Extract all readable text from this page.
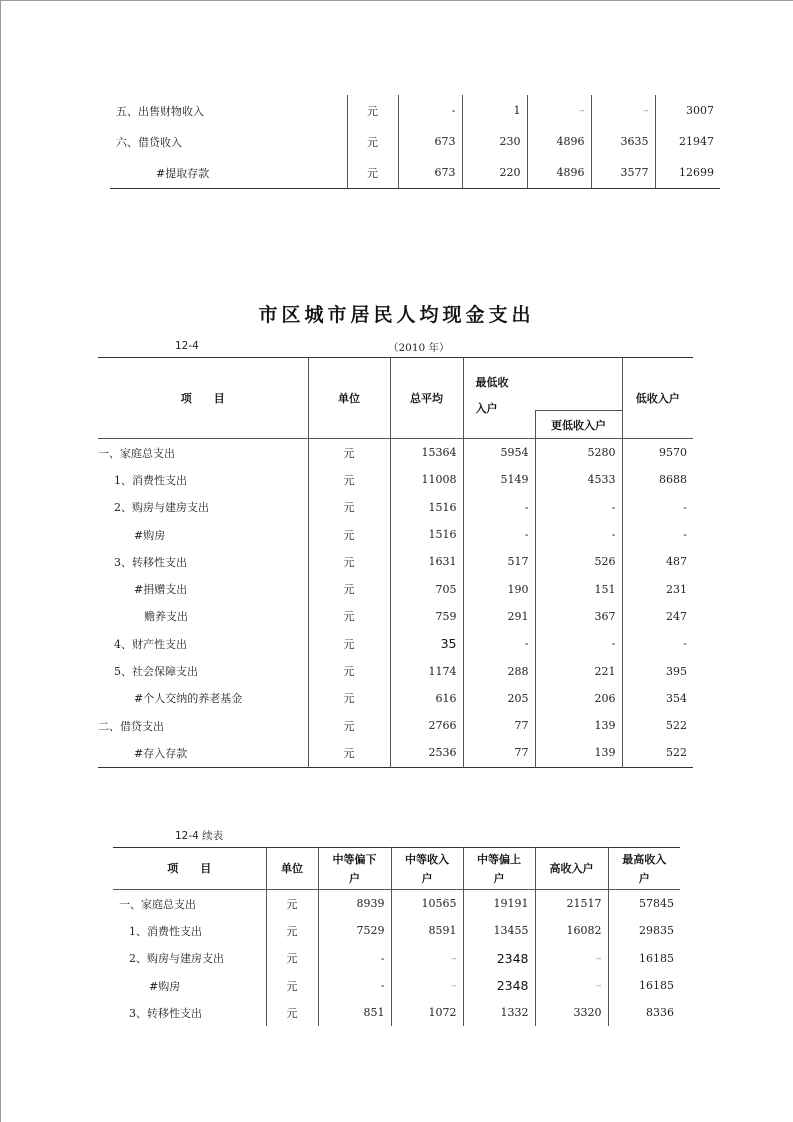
五、出售财物收入	元	-	1	–	–	3007
六、借贷收入	元	673	230	4896	3635	21947
#提取存款	元	673	220	4896	3577	12699
市区城市居民人均现金支出
12-4	（2010 年）
项　　目	单位	总平均	最低收入户		低收入户
				更低收入户	
一、家庭总支出	元	15364	5954	5280	9570
1、消费性支出	元	11008	5149	4533	8688
2、购房与建房支出	元	1516	-	-	-
#购房	元	1516	-	-	-
3、转移性支出	元	1631	517	526	487
#捐赠支出	元	705	190	151	231
赡养支出	元	759	291	367	247
4、财产性支出	元	35	-	-	-
5、社会保障支出	元	1174	288	221	395
#个人交纳的养老基金	元	616	205	206	354
二、借贷支出	元	2766	77	139	522
#存入存款	元	2536	77	139	522
12-4 续表
项　　目	单位	中等偏下户	中等收入户	中等偏上户	高收入户	最高收入户
一、家庭总支出	元	8939	10565	19191	21517	57845
1、消费性支出	元	7529	8591	13455	16082	29835
2、购房与建房支出	元	-	–	2348	–	16185
#购房	元	-	–	2348	–	16185
3、转移性支出	元	851	1072	1332	3320	8336
